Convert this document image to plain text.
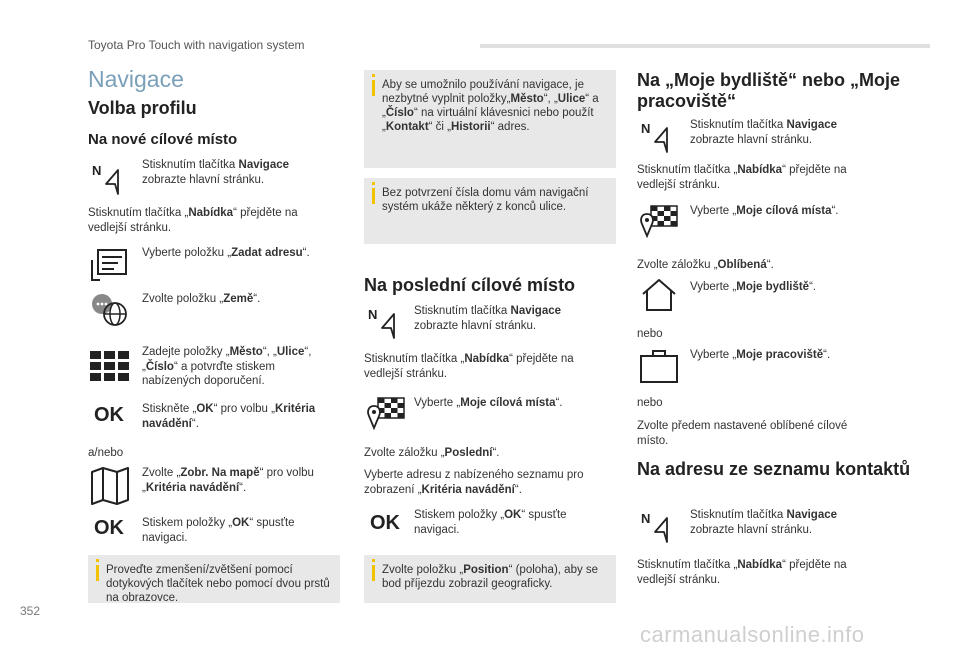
Toyota Pro Touch with navigation system
352
carmanualsonline.info
Navigace
Volba profilu
Na nové cílové místo
N	Stisknutím tlačítka Navigace zobrazte hlavní stránku.
Stisknutím tlačítka „Nabídka“ přejděte na vedlejší stránku.
Vyberte položku „Zadat adresu“.
Zvolte položku „Země“.
Zadejte položky „Město“, „Ulice“, „Číslo“ a potvrďte stiskem nabízených doporučení.
OK Stiskněte „OK“ pro volbu „Kritéria navádění“.
a/nebo
Zvolte „Zobr. Na mapě“ pro volbu „Kritéria navádění“.
OK Stiskem položky „OK“ spusťte navigaci.
Proveďte zmenšení/zvětšení pomocí dotykových tlačítek nebo pomocí dvou prstů na obrazovce.
Aby se umožnilo používání navigace, je nezbytné vyplnit položky„Město“, „Ulice“ a „Číslo“ na virtuální klávesnici nebo použít „Kontakt“ či „Historii“ adres.
Bez potvrzení čísla domu vám navigační systém ukáže některý z konců ulice.
Na poslední cílové místo
N	Stisknutím tlačítka Navigace zobrazte hlavní stránku.
Stisknutím tlačítka „Nabídka“ přejděte na vedlejší stránku.
Vyberte „Moje cílová místa“.
Zvolte záložku „Poslední“.
Vyberte adresu z nabízeného seznamu pro zobrazení „Kritéria navádění“.
OK Stiskem položky „OK“ spusťte navigaci.
Zvolte položku „Position“ (poloha), aby se bod příjezdu zobrazil geograficky.
Na „Moje bydliště“ nebo „Moje pracoviště“
N	Stisknutím tlačítka Navigace zobrazte hlavní stránku.
Stisknutím tlačítka „Nabídka“ přejděte na vedlejší stránku.
Vyberte „Moje cílová místa“.
Zvolte záložku „Oblíbená“.
Vyberte „Moje bydliště“.
nebo
Vyberte „Moje pracoviště“.
nebo
Zvolte předem nastavené oblíbené cílové místo.
Na adresu ze seznamu kontaktů
N	Stisknutím tlačítka Navigace zobrazte hlavní stránku.
Stisknutím tlačítka „Nabídka“ přejděte na vedlejší stránku.
